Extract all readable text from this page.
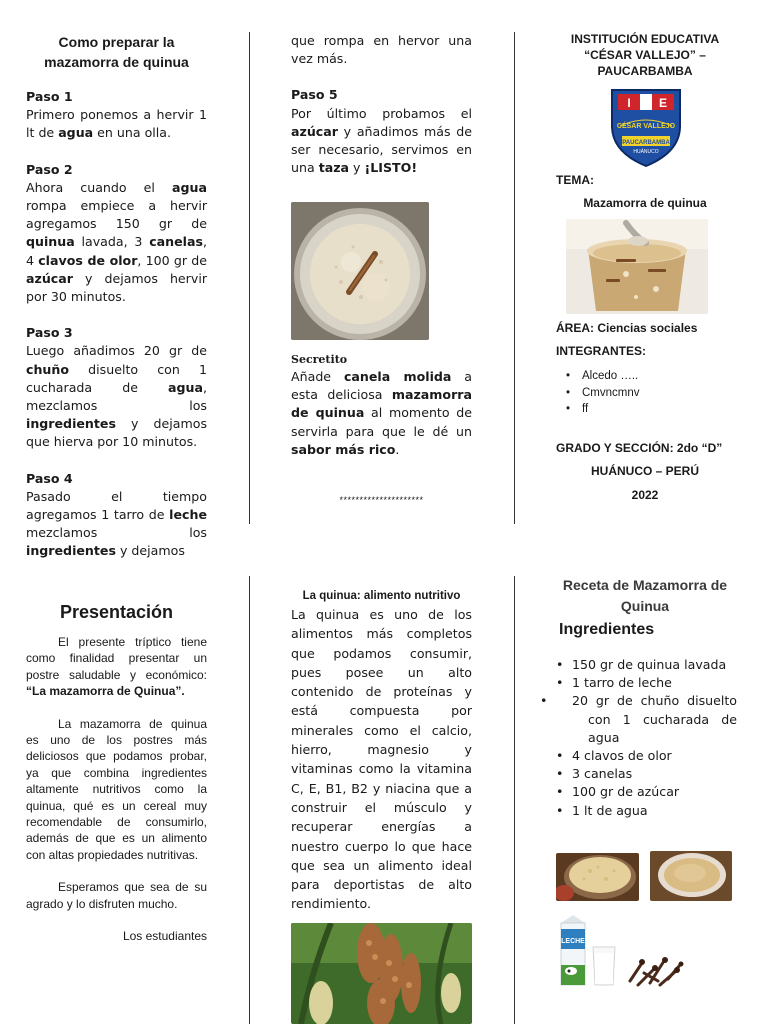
Como preparar la
mazamorra de quinua
Paso 1

Primero ponemos a hervir 1 lt de agua en una olla.

Paso 2

Ahora cuando el agua rompa empiece a hervir agregamos 150 gr de quinua lavada, 3 canelas, 4 clavos de olor, 100 gr de azúcar y dejamos hervir por 30 minutos.

Paso 3

Luego añadimos 20 gr de chuño disuelto con 1 cucharada de agua, mezclamos los ingredientes y dejamos que hierva por 10 minutos.

Paso 4

Pasado el tiempo agregamos 1 tarro de leche mezclamos los ingredientes y dejamos

que rompa en hervor una vez más.

Paso 5

Por último probamos el azúcar y añadimos más de ser necesario, servimos en una taza y ¡LISTO!

Secretito

Añade canela molida a esta deliciosa mazamorra de quinua al momento de servirla para que le dé un sabor más rico.

*********************
INSTITUCIÓN EDUCATIVA
“CÉSAR VALLEJO” –
PAUCARBAMBA
I E
CÉSAR VALLEJO
PAUCARBAMBA
HUÁNUCO
TEMA:
Mazamorra de quinua
ÁREA: Ciencias sociales
INTEGRANTES:
• Alcedo …..
• Cmvncmnv
• ff
GRADO Y SECCIÓN: 2do “D”
HUÁNUCO – PERÚ
2022
Presentación

El presente tríptico tiene como finalidad presentar un postre saludable y económico: “La mazamorra de Quinua”.

La mazamorra de quinua es uno de los postres más deliciosos que podamos probar, ya que combina ingredientes altamente nutritivos como la quinua, qué es un cereal muy recomendable de consumirlo, además de que es un alimento con altas propiedades nutritivas.

Esperamos que sea de su agrado y lo disfruten mucho.

Los estudiantes

La quinua: alimento nutritivo

La quinua es uno de los alimentos más completos que podamos consumir, pues posee un alto contenido de proteínas y está compuesta por minerales como el calcio, hierro, magnesio y vitaminas como la vitamina C, E, B1, B2 y niacina que a construir el músculo y recuperar energías a nuestro cuerpo lo que hace que sea un alimento ideal para deportistas de alto rendimiento.

Receta de Mazamorra de Quinua
Ingredientes
• 150 gr de quinua lavada
• 1 tarro de leche
• 20 gr de chuño disuelto con 1 cucharada de agua
• 4 clavos de olor
• 3 canelas
• 100 gr de azúcar
• 1 lt de agua
LECHE
